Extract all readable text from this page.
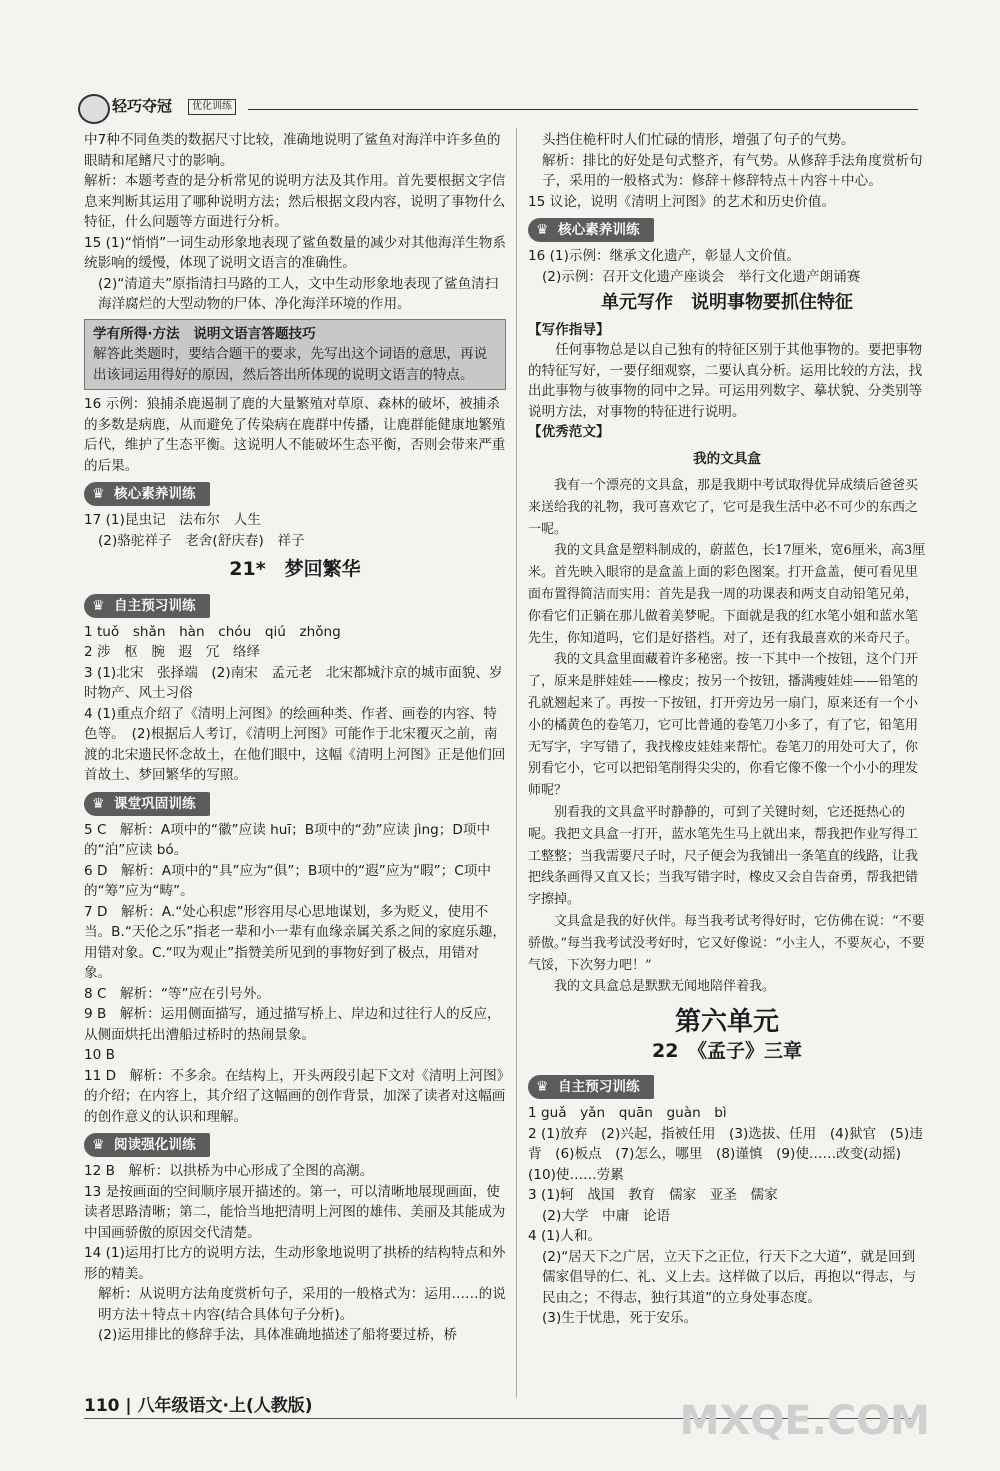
轻巧夺冠	优化训练

中7种不同鱼类的数据尺寸比较，准确地说明了鲨鱼对海洋中许多鱼的眼睛和尾鳍尺寸的影响。

解析：本题考查的是分析常见的说明方法及其作用。首先要根据文字信息来判断其运用了哪种说明方法；然后根据文段内容，说明了事物什么特征，什么问题等方面进行分析。

15 (1)“悄悄”一词生动形象地表现了鲨鱼数量的减少对其他海洋生物系统影响的缓慢，体现了说明文语言的准确性。

(2)“清道夫”原指清扫马路的工人，文中生动形象地表现了鲨鱼清扫海洋腐烂的大型动物的尸体、净化海洋环境的作用。

学有所得·方法　说明文语言答题技巧
解答此类题时，要结合题干的要求，先写出这个词语的意思，再说出该词运用得好的原因，然后答出所体现的说明文语言的特点。

16 示例：狼捕杀鹿遏制了鹿的大量繁殖对草原、森林的破坏，被捕杀的多数是病鹿，从而避免了传染病在鹿群中传播，让鹿群能健康地繁殖后代，维护了生态平衡。这说明人不能破坏生态平衡，否则会带来严重的后果。

♛ 核心素养训练

17 (1)昆虫记　法布尔　人生

(2)骆驼祥子　老舍(舒庆春)　祥子

21*　梦回繁华
♛ 自主预习训练

1 tuǒ　shǎn　hàn　chóu　qiú　zhǒng

2 涉　枢　腕　遐　冗　络绎

3 (1)北宋　张择端　(2)南宋　孟元老　北宋都城汴京的城市面貌、岁时物产、风土习俗

4 (1)重点介绍了《清明上河图》的绘画种类、作者、画卷的内容、特色等。　(2)根据后人考订，《清明上河图》可能作于北宋覆灭之前，南渡的北宋遗民怀念故土，在他们眼中，这幅《清明上河图》正是他们回首故土、梦回繁华的写照。

♛ 课堂巩固训练

5 C　解析：A项中的“徽”应读 huī；B项中的“劲”应读 jìng；D项中的“泊”应读 bó。

6 D　解析：A项中的“具”应为“俱”；B项中的“遐”应为“暇”；C项中的“筹”应为“畴”。

7 D　解析：A.“处心积虑”形容用尽心思地谋划，多为贬义，使用不当。B.“天伦之乐”指老一辈和小一辈有血缘亲属关系之间的家庭乐趣，用错对象。C.“叹为观止”指赞美所见到的事物好到了极点，用错对象。

8 C　解析：“等”应在引号外。

9 B　解析：运用侧面描写，通过描写桥上、岸边和过往行人的反应，从侧面烘托出漕船过桥时的热闹景象。

10 B

11 D　解析：不多余。在结构上，开头两段引起下文对《清明上河图》的介绍；在内容上，其介绍了这幅画的创作背景，加深了读者对这幅画的创作意义的认识和理解。

♛ 阅读强化训练

12 B　解析：以拱桥为中心形成了全图的高潮。

13 是按画面的空间顺序展开描述的。第一，可以清晰地展现画面，使读者思路清晰；第二，能恰当地把清明上河图的雄伟、美丽及其能成为中国画骄傲的原因交代清楚。

14 (1)运用打比方的说明方法，生动形象地说明了拱桥的结构特点和外形的精美。

解析：从说明方法角度赏析句子，采用的一般格式为：运用……的说明方法＋特点＋内容(结合具体句子分析)。

(2)运用排比的修辞手法，具体准确地描述了船将要过桥，桥

头挡住桅杆时人们忙碌的情形，增强了句子的气势。

解析：排比的好处是句式整齐，有气势。从修辞手法角度赏析句子，采用的一般格式为：修辞＋修辞特点＋内容＋中心。

15 议论，说明《清明上河图》的艺术和历史价值。

♛ 核心素养训练

16 (1)示例：继承文化遗产，彰显人文价值。

(2)示例：召开文化遗产座谈会　举行文化遗产朗诵赛

单元写作　说明事物要抓住特征
【写作指导】

任何事物总是以自己独有的特征区别于其他事物的。要把事物的特征写好，一要仔细观察，二要认真分析。运用比较的方法，找出此事物与彼事物的同中之异。可运用列数字、摹状貌、分类别等说明方法，对事物的特征进行说明。

【优秀范文】
我的文具盒

我有一个漂亮的文具盒，那是我期中考试取得优异成绩后爸爸买来送给我的礼物，我可喜欢它了，它可是我生活中必不可少的东西之一呢。

我的文具盒是塑料制成的，蔚蓝色，长17厘米，宽6厘米，高3厘米。首先映入眼帘的是盒盖上面的彩色图案。打开盒盖，便可看见里面布置得简洁而实用：首先是我一周的功课表和两支自动铅笔兄弟，你看它们正躺在那儿做着美梦呢。下面就是我的红水笔小姐和蓝水笔先生，你知道吗，它们是好搭档。对了，还有我最喜欢的米奇尺子。

我的文具盒里面藏着许多秘密。按一下其中一个按钮，这个门开了，原来是胖娃娃——橡皮；按另一个按钮，播满瘦娃娃——铅笔的孔就翘起来了。再按一下按钮，打开旁边另一扇门，原来还有一个小小的橘黄色的卷笔刀，它可比普通的卷笔刀小多了，有了它，铅笔用无写字，字写错了，我找橡皮娃娃来帮忙。卷笔刀的用处可大了，你别看它小，它可以把铅笔削得尖尖的，你看它像不像一个小小的理发师呢？

别看我的文具盒平时静静的，可到了关键时刻，它还挺热心的呢。我把文具盒一打开，蓝水笔先生马上就出来，帮我把作业写得工工整整；当我需要尺子时，尺子便会为我铺出一条笔直的线路，让我把线条画得又直又长；当我写错字时，橡皮又会自告奋勇，帮我把错字擦掉。

文具盒是我的好伙伴。每当我考试考得好时，它仿佛在说：“不要骄傲。”每当我考试没考好时，它又好像说：“小主人，不要灰心，不要气馁，下次努力吧！”

我的文具盒总是默默无闻地陪伴着我。

第六单元
22　《孟子》三章
♛ 自主预习训练

1 guǎ　yǎn　quān　guàn　bì

2 (1)放弃　(2)兴起，指被任用　(3)选拔、任用　(4)狱官　(5)违背　(6)板点　(7)怎么，哪里　(8)谨慎　(9)使……改变(动摇)　(10)使……劳累

3 (1)轲　战国　教育　儒家　亚圣　儒家

(2)大学　中庸　论语

4 (1)人和。

(2)“居天下之广居，立天下之正位，行天下之大道”，就是回到儒家倡导的仁、礼、义上去。这样做了以后，再抱以“得志，与民由之；不得志，独行其道”的立身处事态度。

(3)生于忧患，死于安乐。

110 | 八年级语文·上(人教版)	MXQE.COM
